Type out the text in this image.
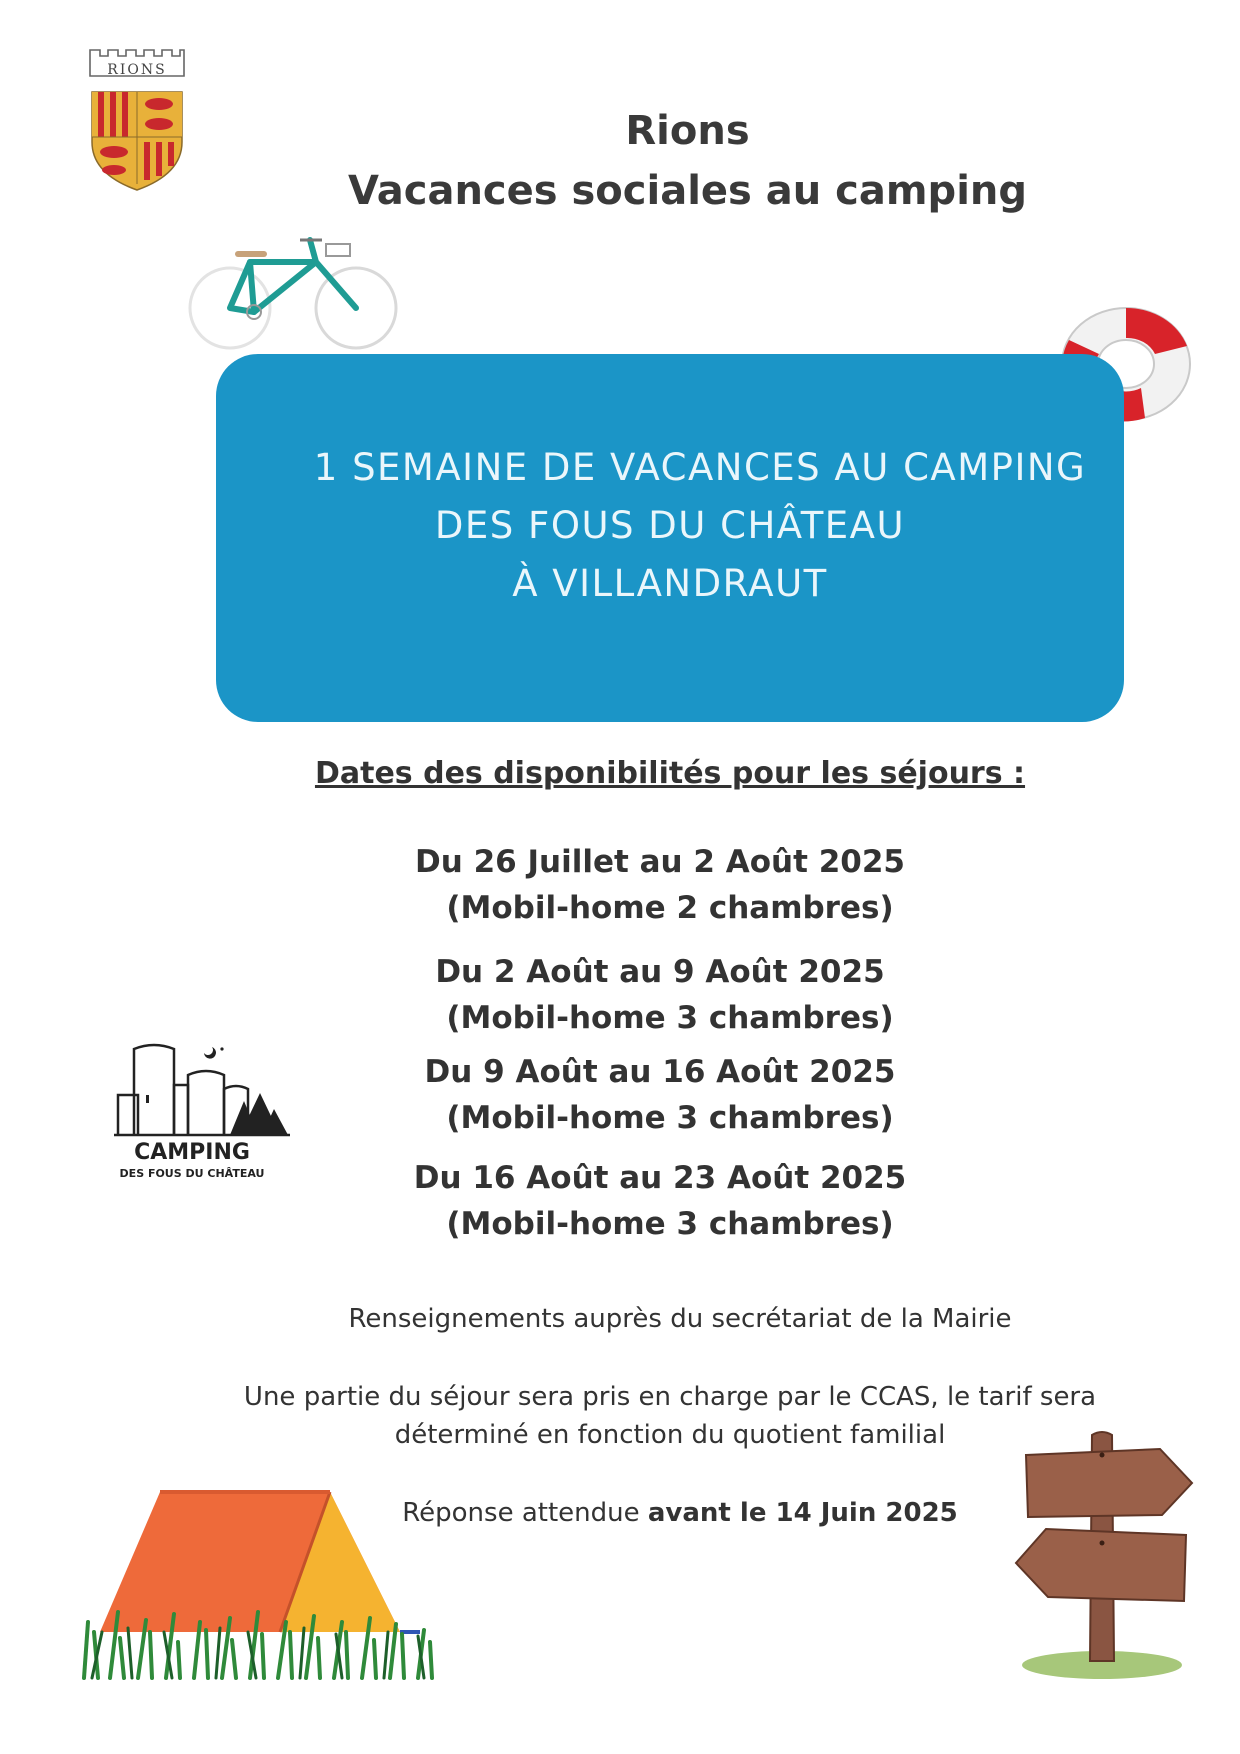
RIONS
Rions
Vacances sociales au camping
1 SEMAINE DE VACANCES AU CAMPING
DES FOUS DU CHÂTEAU
À VILLANDRAUT
Dates des disponibilités pour les séjours :
Du 26 Juillet au 2 Août 2025
(Mobil-home 2 chambres)
Du 2 Août au 9 Août 2025
(Mobil-home 3 chambres)
Du 9 Août au 16 Août 2025
(Mobil-home 3 chambres)
Du 16 Août au 23 Août 2025
(Mobil-home 3 chambres)
CAMPING
DES FOUS DU CHÂTEAU
Renseignements auprès du secrétariat de la Mairie
Une partie du séjour sera pris en charge par le CCAS, le tarif sera
déterminé en fonction du quotient familial
Réponse attendue avant le 14 Juin 2025
